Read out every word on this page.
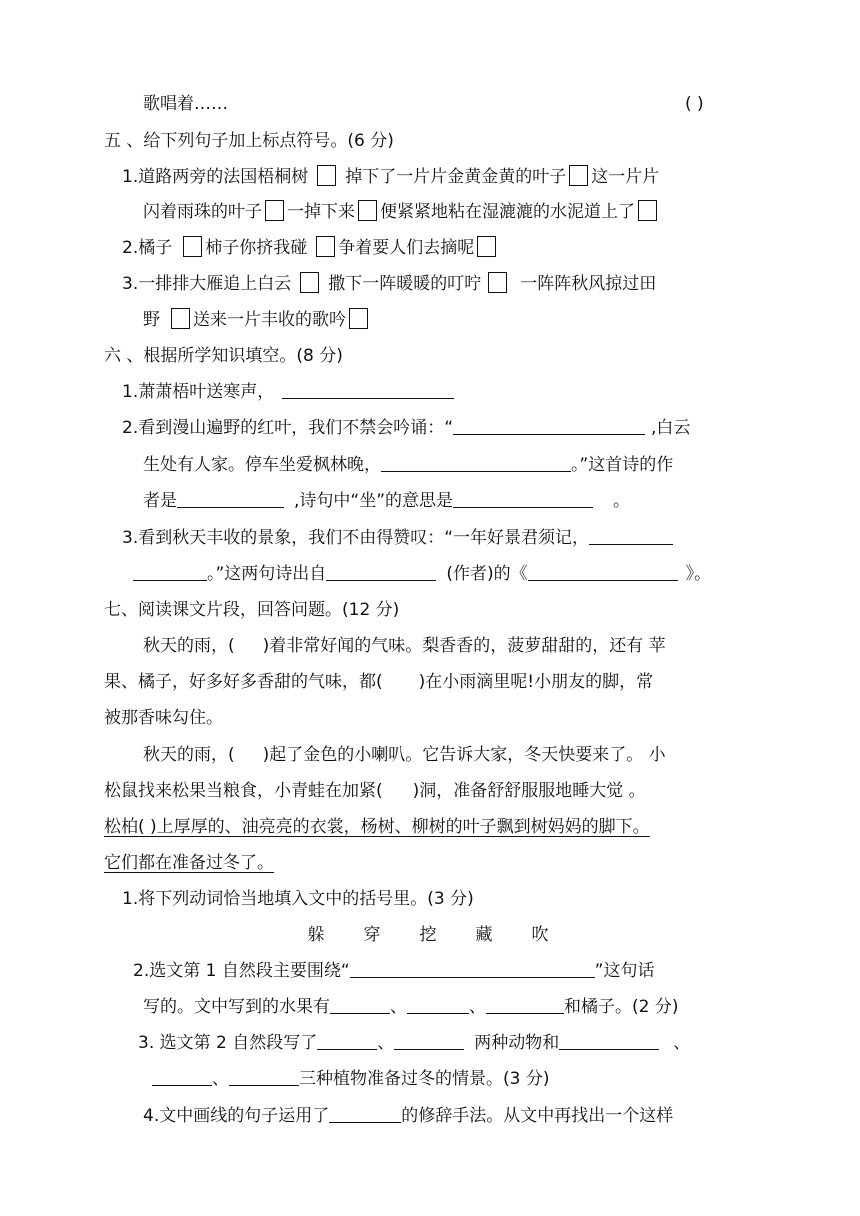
歌唱着……	( )
五 、给下列句子加上标点符号。(6 分)
1.道路两旁的法国梧桐树 掉下了一片片金黄金黄的叶子 这一片片
闪着雨珠的叶子 一掉下来 便紧紧地粘在湿漉漉的水泥道上了
2.橘子 柿子你挤我碰 争着要人们去摘呢
3.一排排大雁追上白云 撒下一阵暖暖的叮咛 一阵阵秋风掠过田
野 送来一片丰收的歌吟
六 、根据所学知识填空。(8 分)
1.萧萧梧叶送寒声，
2.看到漫山遍野的红叶，我们不禁会吟诵：“	,白云
生处有人家。停车坐爱枫林晚，	。”这首诗的作
者是	,诗句中“坐”的意思是	。
3.看到秋天丰收的景象，我们不由得赞叹：“一年好景君须记，
。”这两句诗出自	(作者)的《	》。
七、阅读课文片段，回答问题。(12 分)
秋天的雨，( )着非常好闻的气味。梨香香的，菠萝甜甜的，还有 苹
果、橘子，好多好多香甜的气味，都( )在小雨滴里呢!小朋友的脚，常
被那香味勾住。
秋天的雨，( )起了金色的小喇叭。它告诉大家，冬天快要来了。 小
松鼠找来松果当粮食，小青蛙在加紧( )洞，准备舒舒服服地睡大觉 。
松柏( )上厚厚的、油亮亮的衣裳，杨树、柳树的叶子飘到树妈妈的脚下。
它们都在准备过冬了。
1.将下列动词恰当地填入文中的括号里。(3 分)
躲 穿 挖 藏 吹
2.选文第 1 自然段主要围绕“	”这句话
写的。文中写到的水果有	、	、	和橘子。(2 分)
3. 选文第 2 自然段写了	、	两种动物和	、
、	三种植物准备过冬的情景。(3 分)
4.文中画线的句子运用了	的修辞手法。从文中再找出一个这样
